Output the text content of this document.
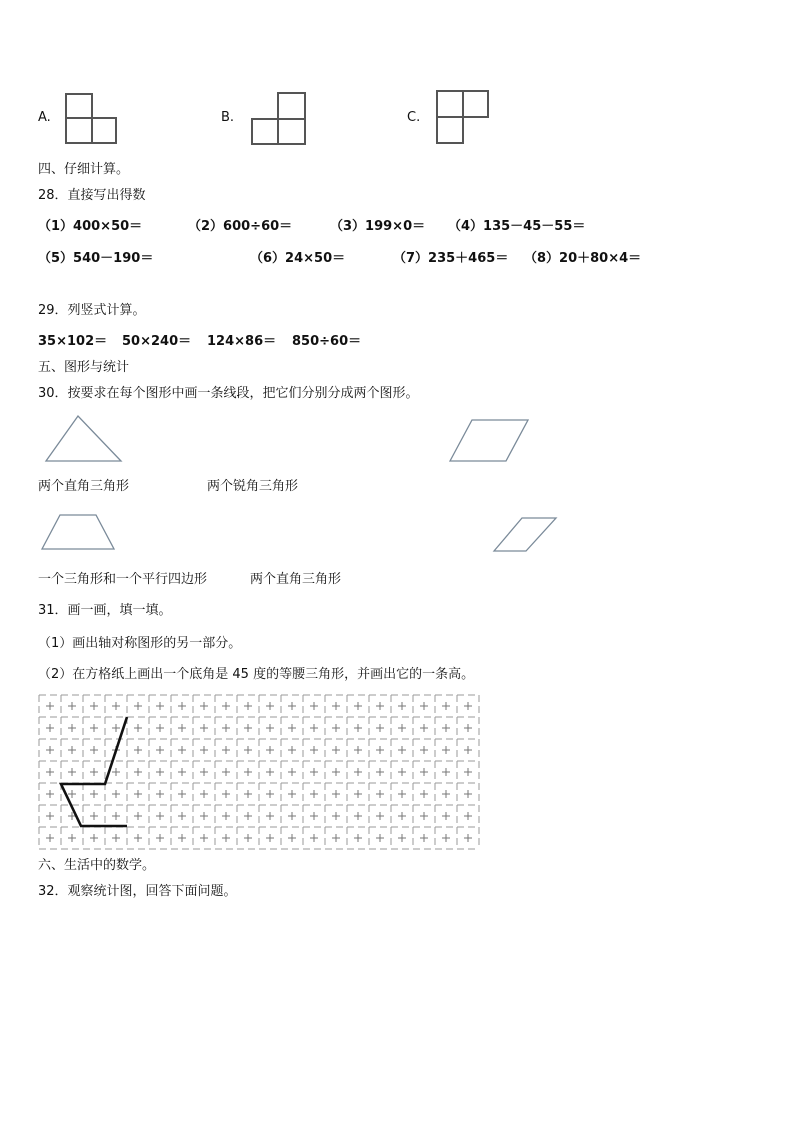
A.	B.	C.
四、仔细计算。
28．直接写出得数
（1）400×50＝	（2）600÷60＝	（3）199×0＝ （4）135－45－55＝
（5）540－190＝	（6）24×50＝	（7）235＋465＝ （8）20＋80×4＝
29．列竖式计算。
35×102＝ 50×240＝ 124×86＝ 850÷60＝
五、图形与统计
30．按要求在每个图形中画一条线段，把它们分别分成两个图形。
两个直角三角形	两个锐角三角形
一个三角形和一个平行四边形	两个直角三角形
31．画一画，填一填。
（1）画出轴对称图形的另一部分。
（2）在方格纸上画出一个底角是 45 度的等腰三角形，并画出它的一条高。
六、生活中的数学。
32．观察统计图，回答下面问题。
